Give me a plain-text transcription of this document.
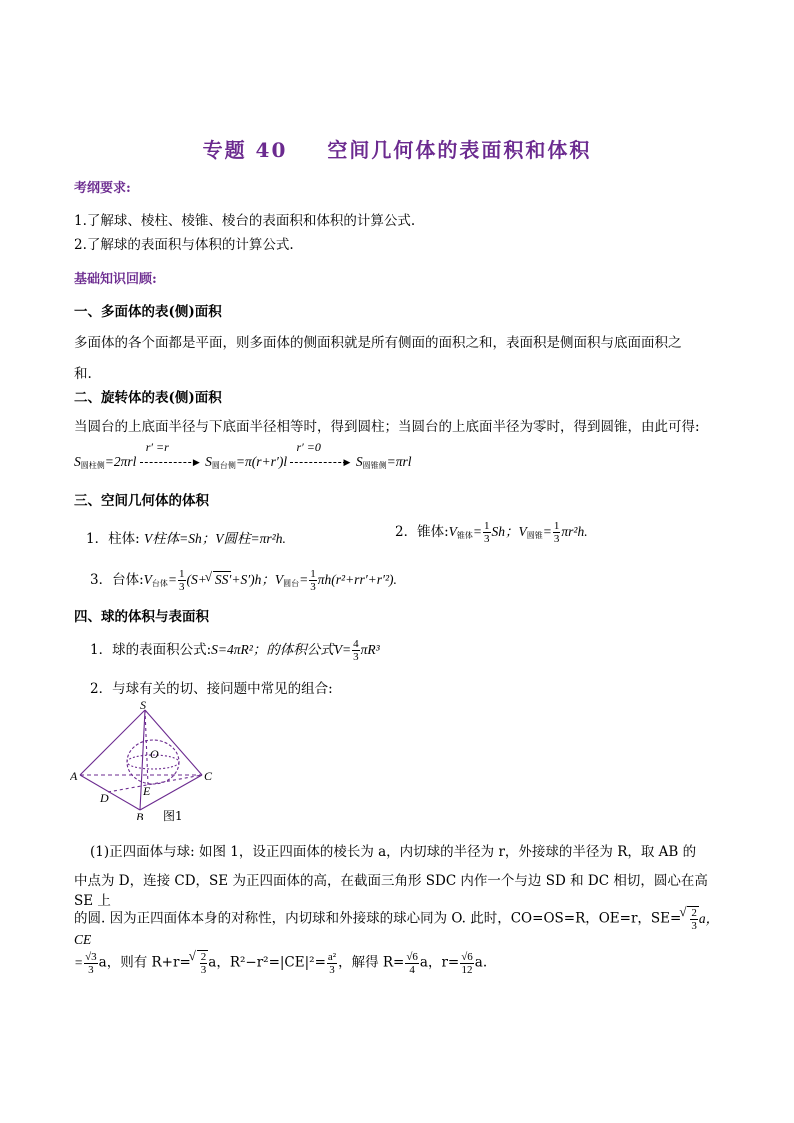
专题 40 空间几何体的表面积和体积
考纲要求:
1.了解球、棱柱、棱锥、棱台的表面积和体积的计算公式.
2.了解球的表面积与体积的计算公式.
基础知识回顾:
一、多面体的表(侧)面积
多面体的各个面都是平面，则多面体的侧面积就是所有侧面的面积之和，表面积是侧面积与底面面积之
和.
二、旋转体的表(侧)面积
当圆台的上底面半径与下底面半径相等时，得到圆柱；当圆台的上底面半径为零时，得到圆锥，由此可得:
$S_{圆柱侧}=2\pi rl$
r′ =r
▶ $S_{圆台侧}=\pi(r+r')l$
r′ =0
▶ $S_{圆锥侧}=\pi rl$
三、空间几何体的体积
1．柱体: V柱体=Sh；V圆柱=πr²h.	2．锥体$:V_{锥体}= \frac{1}{3}$ Sh；$V_{圆锥}= \frac{1}{3} \pi r^2h$.
3．台体$:V_{台体}= \frac{1}{3} (S+√$ SS′+S′)h；$V_{圆台}= \frac{1}{3} \pi h(r^2+rr'+r'^2)$.
四、球的体积与表面积
1．球的表面积公式:S=4πR²；的体积公式$V= \frac{4}{3} \pi R^3$
2．与球有关的切、接问题中常见的组合:
S
O
A	C
D	E
B 图1
(1)正四面体与球: 如图 1，设正四面体的棱长为 a，内切球的半径为 r，外接球的半径为 R，取 AB 的
中点为 D，连接 CD，SE 为正四面体的高，在截面三角形 SDC 内作一个与边 SD 和 DC 相切，圆心在高 SE 上
的圆. 因为正四面体本身的对称性，内切球和外接球的球心同为 O. 此时，CO=OS=R，OE=r，SE=
√ $\frac{2}{3}$ a，CE
= $\frac{√3}{3}$ a，则有 R+r=
√ $\frac{2}{3}$ a，$R^2-r^2=|CE|^2= \frac{\text{a²}}{3}$ ，解得 $R= \frac{√6}{4}$ a，$r= \frac{√6}{12} a$.
